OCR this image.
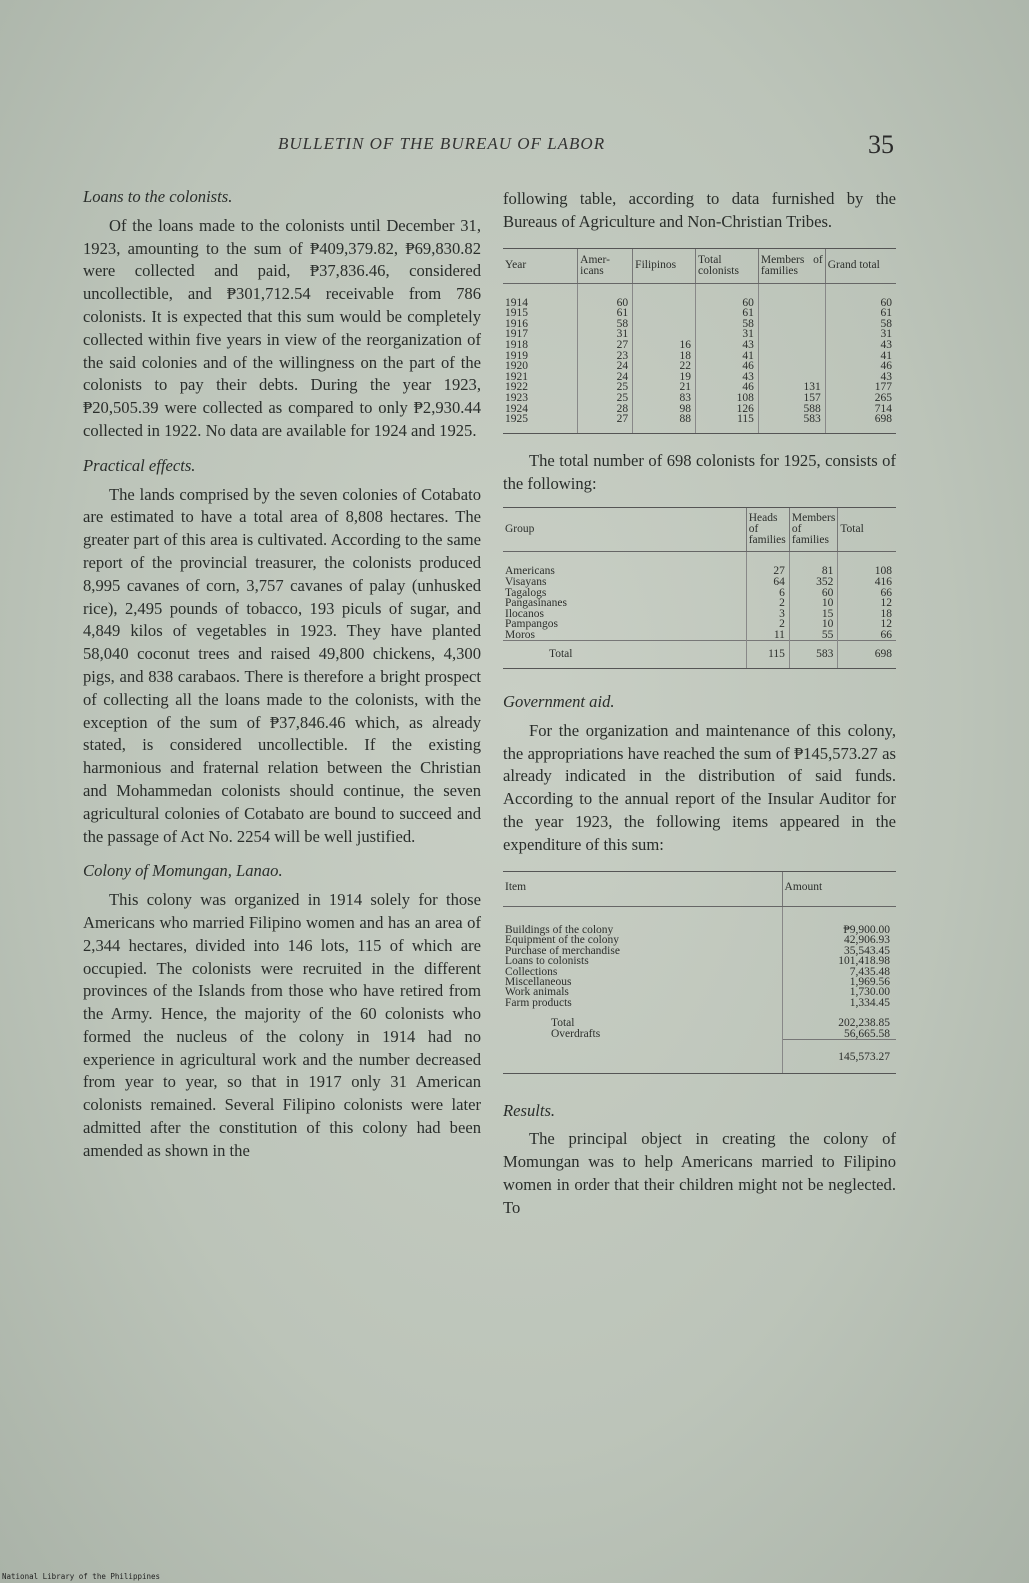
BULLETIN OF THE BUREAU OF LABOR	35
Loans to the colonists.

Of the loans made to the colonists until December 31, 1923, amounting to the sum of ₱409,379.82, ₱69,830.82 were collected and paid, ₱37,836.46, considered uncollectible, and ₱301,712.54 receivable from 786 colonists. It is expected that this sum would be completely collected within five years in view of the reorganization of the said colonies and of the willingness on the part of the colonists to pay their debts. During the year 1923, ₱20,505.39 were collected as compared to only ₱2,930.44 collected in 1922. No data are available for 1924 and 1925.

Practical effects.

The lands comprised by the seven colonies of Cotabato are estimated to have a total area of 8,808 hectares. The greater part of this area is cultivated. According to the same report of the provincial treasurer, the colonists produced 8,995 cavanes of corn, 3,757 cavanes of palay (unhusked rice), 2,495 pounds of tobacco, 193 piculs of sugar, and 4,849 kilos of vegetables in 1923. They have planted 58,040 coconut trees and raised 49,800 chickens, 4,300 pigs, and 838 carabaos. There is therefore a bright prospect of collecting all the loans made to the colonists, with the exception of the sum of ₱37,846.46 which, as already stated, is considered uncollectible. If the existing harmonious and fraternal relation between the Christian and Mohammedan colonists should continue, the seven agricultural colonies of Cotabato are bound to succeed and the passage of Act No. 2254 will be well justified.

Colony of Momungan, Lanao.

This colony was organized in 1914 solely for those Americans who married Filipino women and has an area of 2,344 hectares, divided into 146 lots, 115 of which are occupied. The colonists were recruited in the different provinces of the Islands from those who have retired from the Army. Hence, the majority of the 60 colonists who formed the nucleus of the colony in 1914 had no experience in agricultural work and the number decreased from year to year, so that in 1917 only 31 American colonists remained. Several Filipino colonists were later admitted after the constitution of this colony had been amended as shown in the

following table, according to data furnished by the Bureaus of Agriculture and Non-Christian Tribes.

Year	Amer-icans	Filipinos	Total colonists	Members of families	Grand total
1914	60		60		60
1915	61		61		61
1916	58		58		58
1917	31		31		31
1918	27	16	43		43
1919	23	18	41		41
1920	24	22	46		46
1921	24	19	43		43
1922	25	21	46	131	177
1923	25	83	108	157	265
1924	28	98	126	588	714
1925	27	88	115	583	698

The total number of 698 colonists for 1925, consists of the following:

Group	Heads of families	Members of families	Total
Americans	27	81	108
Visayans	64	352	416
Tagalogs	6	60	66
Pangasinanes	2	10	12
Ilocanos	3	15	18
Pampangos	2	10	12
Moros	11	55	66
Total	115	583	698
Government aid.

For the organization and maintenance of this colony, the appropriations have reached the sum of ₱145,573.27 as already indicated in the distribution of said funds. According to the annual report of the Insular Auditor for the year 1923, the following items appeared in the expenditure of this sum:

Item	Amount
Buildings of the colony	₱9,900.00
Equipment of the colony	42,906.93
Purchase of merchandise	35,543.45
Loans to colonists	101,418.98
Collections	7,435.48
Miscellaneous	1,969.56
Work animals	1,730.00
Farm products	1,334.45
Total	202,238.85
Overdrafts	56,665.58
	145,573.27
Results.

The principal object in creating the colony of Momungan was to help Americans married to Filipino women in order that their children might not be neglected. To

National Library of the Philippines
